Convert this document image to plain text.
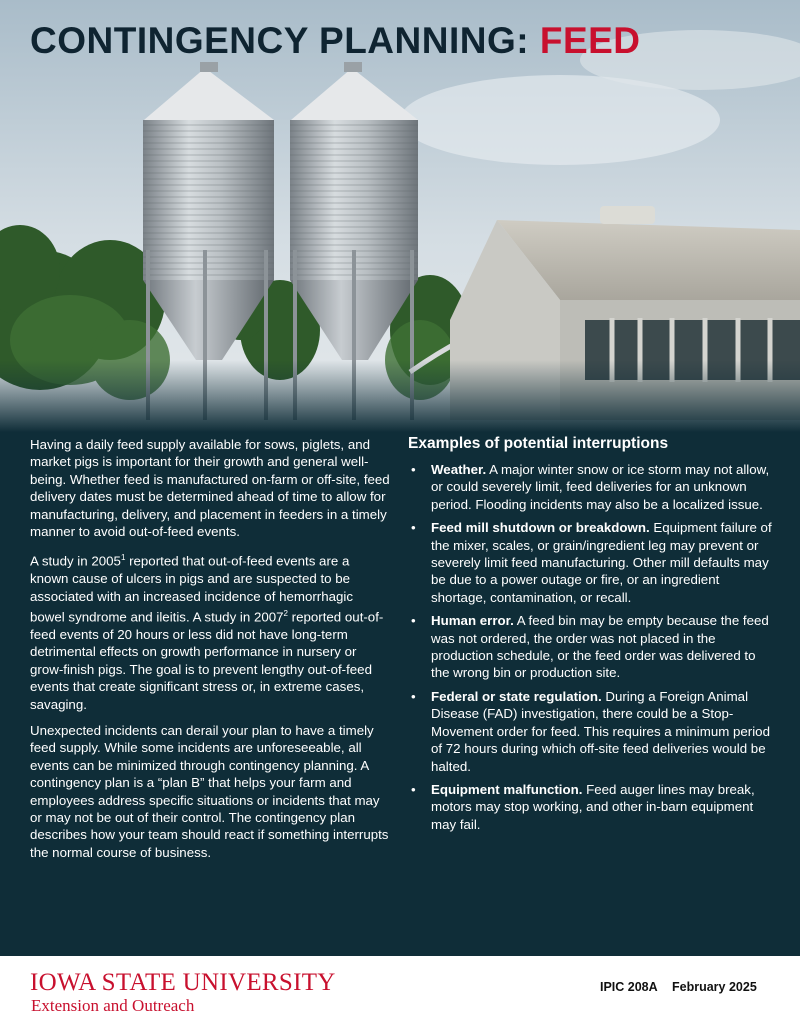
CONTINGENCY PLANNING: FEED

Having a daily feed supply available for sows, piglets, and market pigs is important for their growth and general well-being. Whether feed is manufactured on-farm or off-site, feed delivery dates must be determined ahead of time to allow for manufacturing, delivery, and placement in feeders in a timely manner to avoid out-of-feed events.

A study in 2005$^1$ reported that out-of-feed events are a known cause of ulcers in pigs and are suspected to be associated with an increased incidence of hemorrhagic bowel syndrome and ileitis. A study in 2007$^2$ reported out-of-feed events of 20 hours or less did not have long-term detrimental effects on growth performance in nursery or grow-finish pigs. The goal is to prevent lengthy out-of-feed events that create significant stress or, in extreme cases, savaging.

Unexpected incidents can derail your plan to have a timely feed supply. While some incidents are unforeseeable, all events can be minimized through contingency planning. A contingency plan is a “plan B” that helps your farm and employees address specific situations or incidents that may or may not be out of their control. The contingency plan describes how your team should react if something interrupts the normal course of business.

Examples of potential interruptions
• Weather. A major winter snow or ice storm may not allow, or could severely limit, feed deliveries for an unknown period. Flooding incidents may also be a localized issue.
• Feed mill shutdown or breakdown. Equipment failure of the mixer, scales, or grain/ingredient leg may prevent or severely limit feed manufacturing. Other mill defaults may be due to a power outage or fire, or an ingredient shortage, contamination, or recall.
• Human error. A feed bin may be empty because the feed was not ordered, the order was not placed in the production schedule, or the feed order was delivered to the wrong bin or production site.
• Federal or state regulation. During a Foreign Animal Disease (FAD) investigation, there could be a Stop-Movement order for feed. This requires a minimum period of 72 hours during which off-site feed deliveries would be halted.
• Equipment malfunction. Feed auger lines may break, motors may stop working, and other in-barn equipment may fail.
IOWA STATE UNIVERSITY
Extension and Outreach
IPIC 208A February 2025
